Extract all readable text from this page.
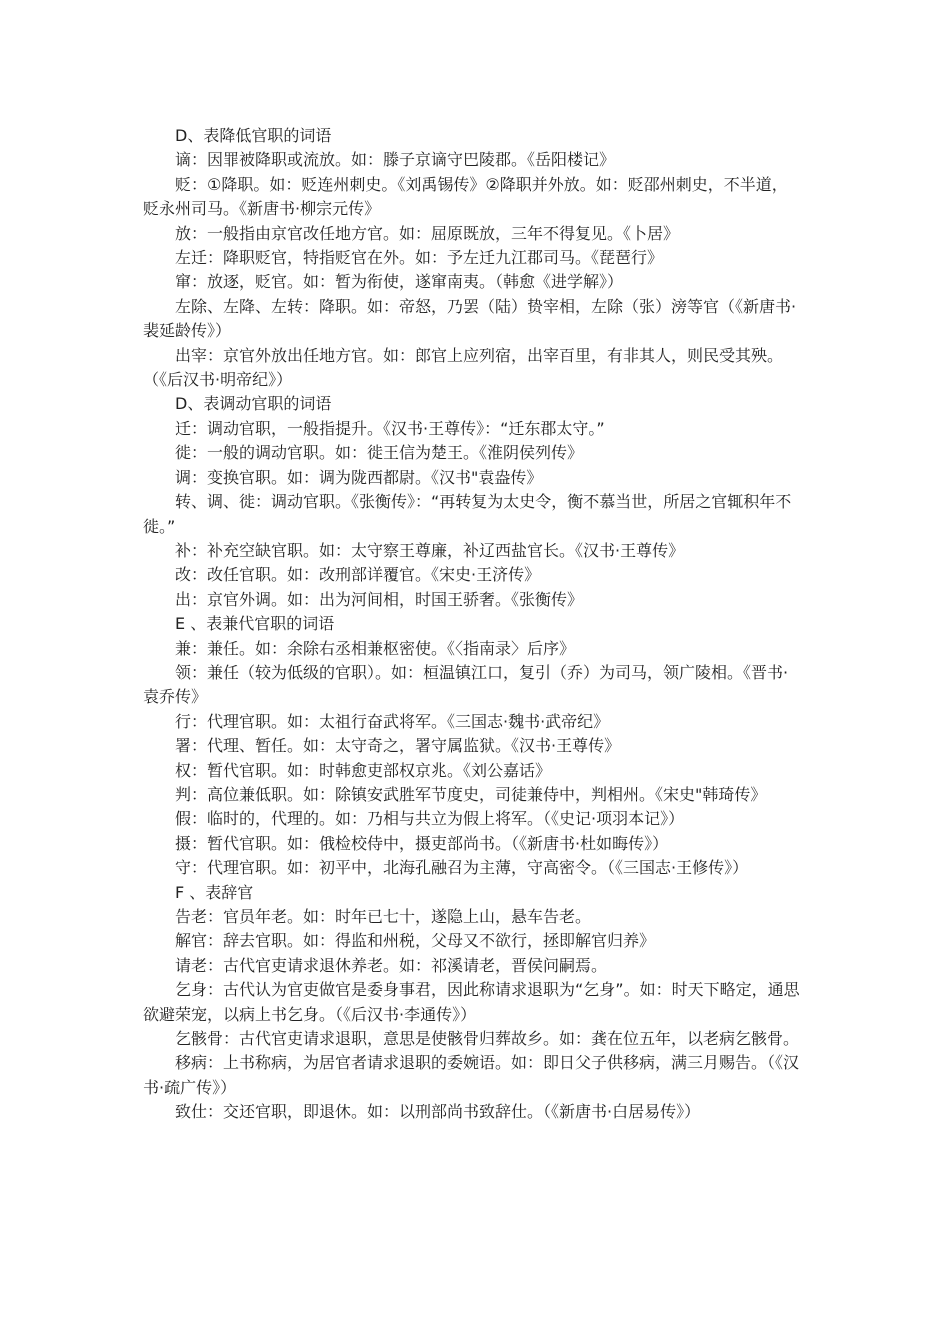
D、表降低官职的词语

谪：因罪被降职或流放。如：滕子京谪守巴陵郡。《岳阳楼记》

贬：①降职。如：贬连州刺史。《刘禹锡传》②降职并外放。如：贬邵州刺史，不半道，贬永州司马。《新唐书·柳宗元传》

放：一般指由京官改任地方官。如：屈原既放，三年不得复见。《卜居》

左迁：降职贬官，特指贬官在外。如：予左迁九江郡司马。《琵琶行》

窜：放逐，贬官。如：暂为衔使，遂窜南夷。（韩愈《进学解》）

左除、左降、左转：降职。如：帝怒，乃罢（陆）贽宰相，左除（张）滂等官（《新唐书·裴延龄传》）

出宰：京官外放出任地方官。如：郎官上应列宿，出宰百里，有非其人，则民受其殃。（《后汉书·明帝纪》）

D、表调动官职的词语

迁：调动官职，一般指提升。《汉书·王尊传》：“迁东郡太守。”

徙：一般的调动官职。如：徙王信为楚王。《淮阴侯列传》

调：变换官职。如：调为陇西都尉。《汉书"袁盎传》

转、调、徙：调动官职。《张衡传》：“再转复为太史令，衡不慕当世，所居之官辄积年不徙。”

补：补充空缺官职。如：太守察王尊廉，补辽西盐官长。《汉书·王尊传》

改：改任官职。如：改刑部详覆官。《宋史·王济传》

出：京官外调。如：出为河间相，时国王骄奢。《张衡传》

E 、表兼代官职的词语

兼：兼任。如：余除右丞相兼枢密使。《〈指南录〉后序》

领：兼任（较为低级的官职）。如：桓温镇江口，复引（乔）为司马，领广陵相。《晋书·袁乔传》

行：代理官职。如：太祖行奋武将军。《三国志·魏书·武帝纪》

署：代理、暂任。如：太守奇之，署守属监狱。《汉书·王尊传》

权：暂代官职。如：时韩愈吏部权京兆。《刘公嘉话》

判：高位兼低职。如：除镇安武胜军节度史，司徒兼侍中，判相州。《宋史"韩琦传》

假：临时的，代理的。如：乃相与共立为假上将军。（《史记·项羽本记》）

摄：暂代官职。如：俄检校侍中，摄吏部尚书。（《新唐书·杜如晦传》）

守：代理官职。如：初平中，北海孔融召为主薄，守高密令。（《三国志·王修传》）

F 、表辞官

告老：官员年老。如：时年已七十，遂隐上山，悬车告老。

解官：辞去官职。如：得监和州税，父母又不欲行，拯即解官归养》

请老：古代官吏请求退休养老。如：祁溪请老，晋侯问嗣焉。

乞身：古代认为官吏做官是委身事君，因此称请求退职为“乞身”。如：时天下略定，通思欲避荣宠，以病上书乞身。（《后汉书·李通传》）

乞骸骨：古代官吏请求退职，意思是使骸骨归葬故乡。如：龚在位五年，以老病乞骸骨。

移病：上书称病，为居官者请求退职的委婉语。如：即日父子供移病，满三月赐告。（《汉书·疏广传》）

致仕：交还官职，即退休。如：以刑部尚书致辞仕。（《新唐书·白居易传》）
